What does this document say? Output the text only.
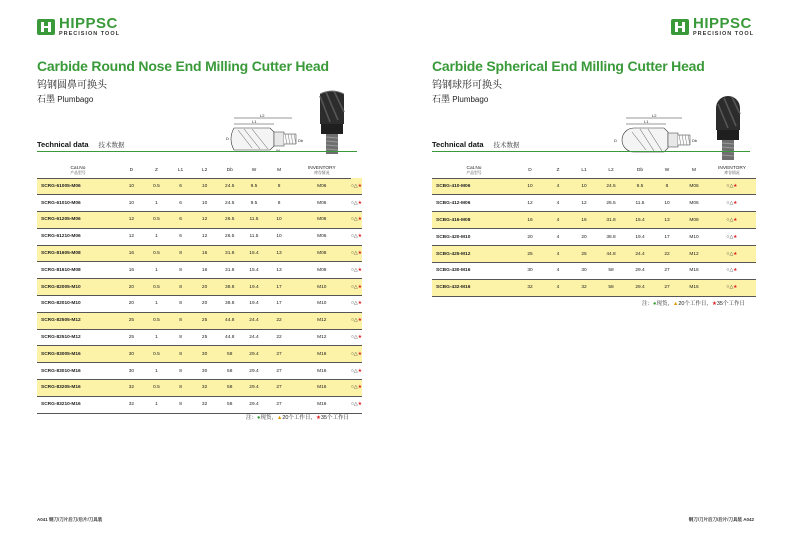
HIPPSC
PRECISION TOOL
Carbide Round Nose End Milling Cutter Head
钨钢圆鼻可换头
石墨 Plumbago
L2
L1
D	Db
Technical data 技术数据
Cat.No
产品型号	D	Z	L1	L2	Db	W	M	INVENTORY
库存情况	

SCRG-61005-M06	10	0.5	6	10	24.5	9.5	8	M06	○△★
SCRG-61010-M06	10	1	6	10	24.5	9.5	8	M06	○△★
SCRG-61205-M06	12	0.5	6	12	26.5	11.5	10	M06	○△★
SCRG-61210-M06	12	1	6	12	26.5	11.5	10	M06	○△★
SCRG-81605-M08	16	0.5	8	16	31.8	15.4	13	M08	○△★
SCRG-81610-M08	16	1	8	16	31.8	15.4	13	M08	○△★
SCRG-82005-M10	20	0.5	8	20	38.8	19.4	17	M10	○△★
SCRG-82010-M10	20	1	8	20	38.8	19.4	17	M10	○△★
SCRG-82505-M12	25	0.5	8	25	44.8	24.4	22	M12	○△★
SCRG-82510-M12	25	1	8	25	44.8	24.4	22	M12	○△★
SCRG-83005-M16	30	0.5	8	30	58	29.4	27	M16	○△★
SCRG-83010-M16	30	1	8	30	58	29.4	27	M16	○△★
SCRG-83205-M16	32	0.5	8	32	58	29.4	27	M16	○△★
SCRG-83210-M16	32	1	8	32	58	29.4	27	M16	○△★
注：●现货，▲20个工作日，★35个工作日
A041 钢刀/刀片后刀/后片/刀具装
HIPPSC
PRECISION TOOL
Carbide Spherical End Milling Cutter Head
钨钢球形可换头
石墨 Plumbago
L2
L1
D	Db
Technical data 技术数据
Cat.No
产品型号	D	Z	L1	L2	Db	W	M	INVENTORY
库存情况

SCBG-410-M06	10	4	10	24.5	9.5	8	M06	○△★
SCBG-412-M06	12	4	12	26.5	11.5	10	M06	○△★
SCBG-416-M08	16	4	16	31.8	15.4	13	M08	○△★
SCBG-420-M10	20	4	20	38.8	19.4	17	M10	○△★
SCBG-425-M12	25	4	25	44.8	24.4	22	M12	○△★
SCBG-430-M16	30	4	30	58	29.4	27	M16	○△★
SCBG-432-M16	32	4	32	58	29.4	27	M16	○△★
注：●现货，▲20个工作日，★35个工作日
钢刀/刀片后刀/后片/刀具装 A042
